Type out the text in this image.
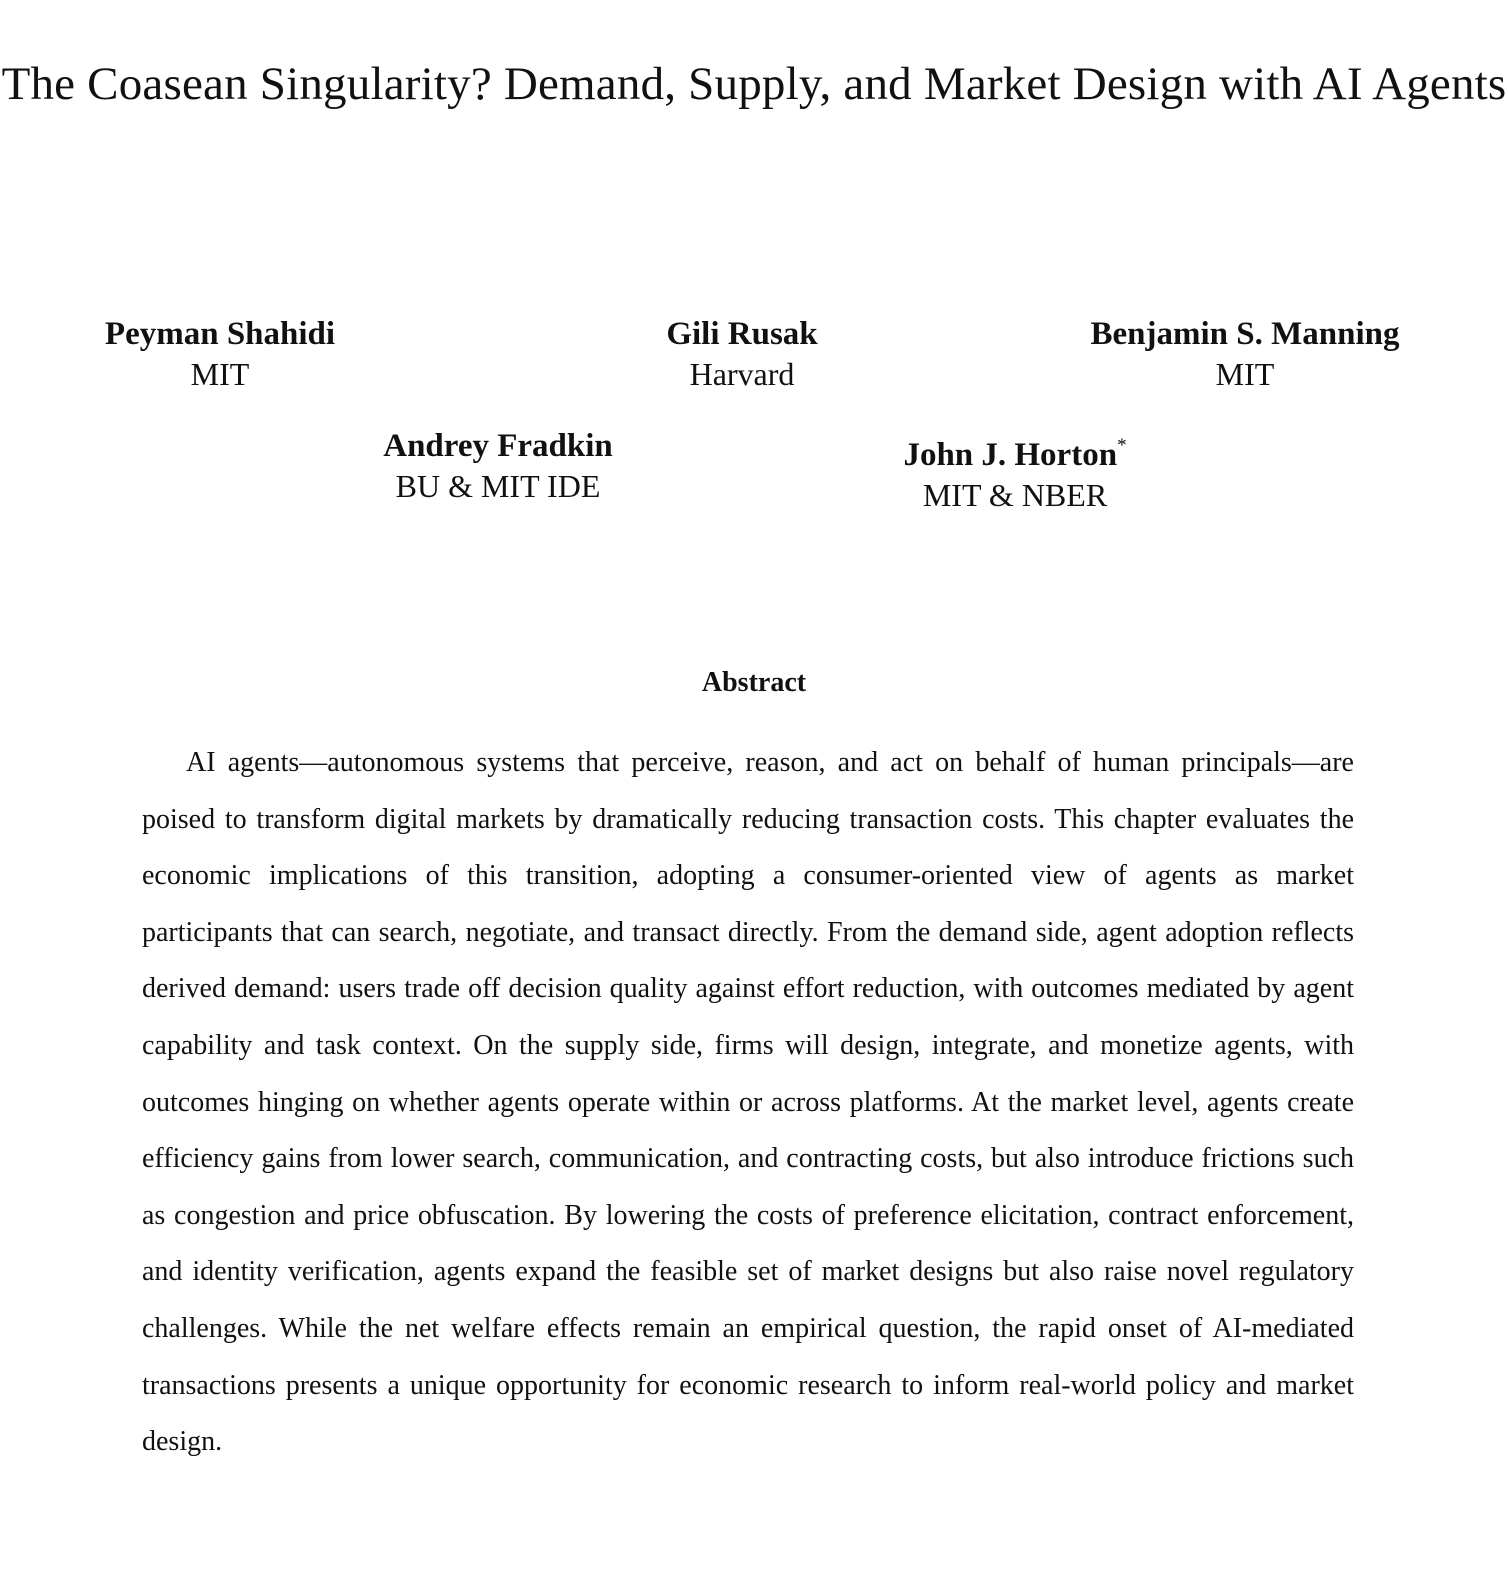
The Coasean Singularity? Demand, Supply, and Market Design with AI Agents
Peyman Shahidi
MIT
Gili Rusak
Harvard
Benjamin S. Manning
MIT
Andrey Fradkin
BU & MIT IDE
John J. Horton*
MIT & NBER
Abstract

AI agents—autonomous systems that perceive, reason, and act on behalf of human principals—are poised to transform digital markets by dramatically reducing transaction costs. This chapter evaluates the economic implications of this transition, adopting a consumer-oriented view of agents as market participants that can search, negotiate, and transact directly. From the demand side, agent adoption reflects derived demand: users trade off decision quality against effort reduction, with outcomes mediated by agent capability and task context. On the supply side, firms will design, integrate, and monetize agents, with outcomes hinging on whether agents operate within or across platforms. At the market level, agents create efficiency gains from lower search, communication, and contracting costs, but also introduce frictions such as congestion and price obfuscation. By lowering the costs of preference elicitation, contract enforcement, and identity verification, agents expand the feasible set of market designs but also raise novel regulatory challenges. While the net welfare effects remain an empirical question, the rapid onset of AI-mediated transactions presents a unique opportunity for economic research to inform real-world policy and market design.
